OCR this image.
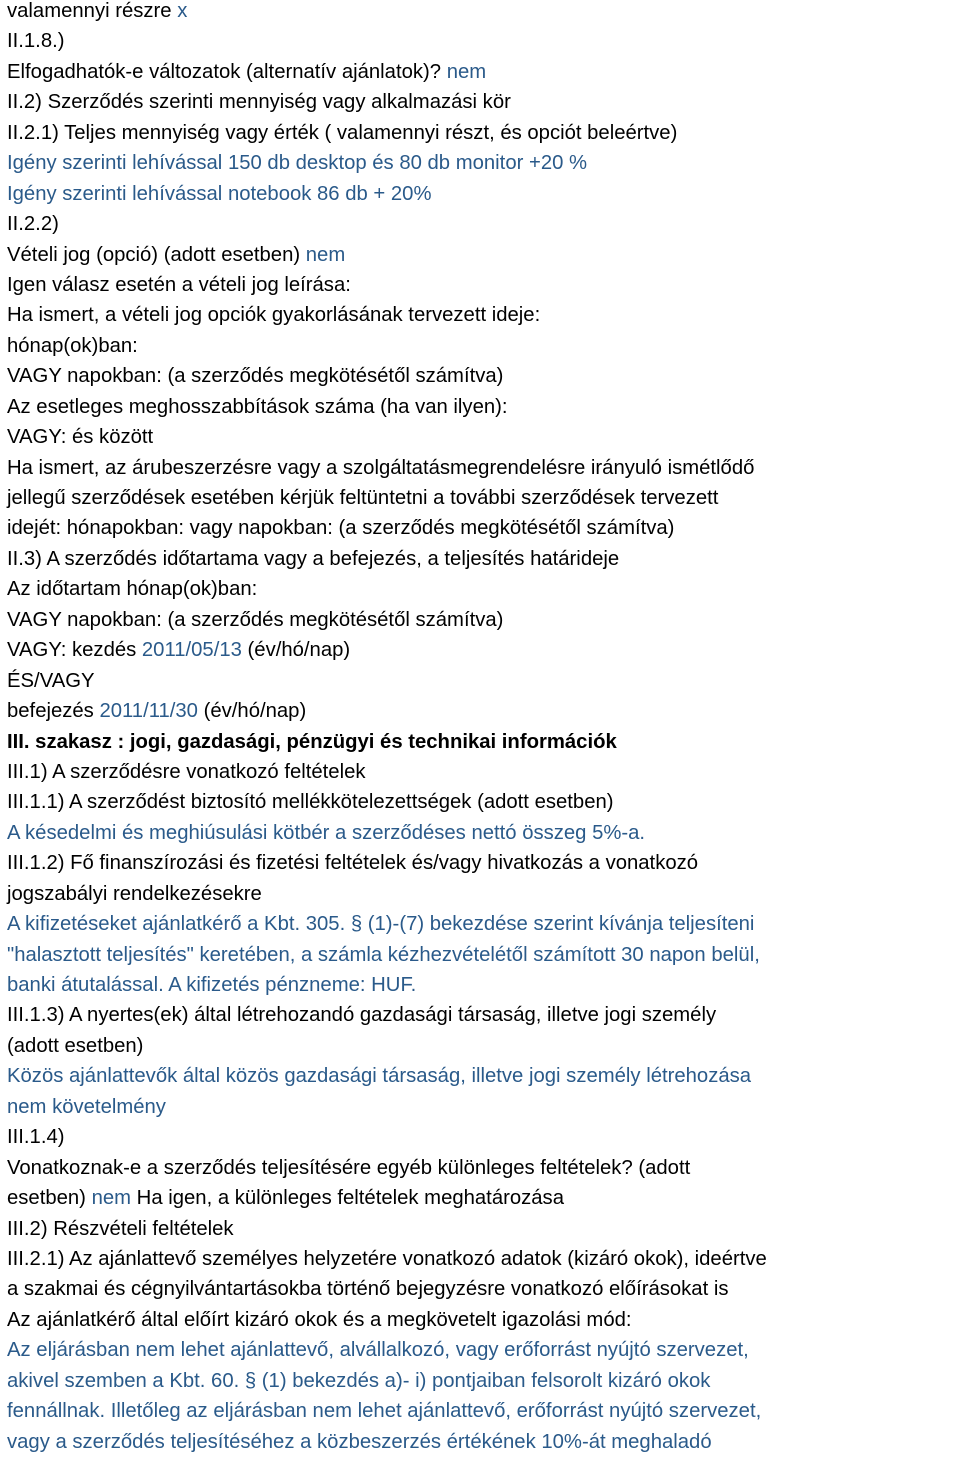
valamennyi részre x
II.1.8.)
Elfogadhatók-e változatok (alternatív ajánlatok)? nem
II.2) Szerződés szerinti mennyiség vagy alkalmazási kör
II.2.1) Teljes mennyiség vagy érték ( valamennyi részt, és opciót beleértve)
Igény szerinti lehívással 150 db desktop és 80 db monitor +20 %
Igény szerinti lehívással notebook 86 db + 20%
II.2.2)
Vételi jog (opció) (adott esetben) nem
Igen válasz esetén a vételi jog leírása:
Ha ismert, a vételi jog opciók gyakorlásának tervezett ideje:
hónap(ok)ban:
VAGY napokban: (a szerződés megkötésétől számítva)
Az esetleges meghosszabbítások száma (ha van ilyen):
VAGY: és között
Ha ismert, az árubeszerzésre vagy a szolgáltatásmegrendelésre irányuló ismétlődő
jellegű szerződések esetében kérjük feltüntetni a további szerződések tervezett
idejét: hónapokban: vagy napokban: (a szerződés megkötésétől számítva)
II.3) A szerződés időtartama vagy a befejezés, a teljesítés határideje
Az időtartam hónap(ok)ban:
VAGY napokban: (a szerződés megkötésétől számítva)
VAGY: kezdés 2011/05/13 (év/hó/nap)
ÉS/VAGY
befejezés 2011/11/30 (év/hó/nap)
III. szakasz : jogi, gazdasági, pénzügyi és technikai információk
III.1) A szerződésre vonatkozó feltételek
III.1.1) A szerződést biztosító mellékkötelezettségek (adott esetben)
A késedelmi és meghiúsulási kötbér a szerződéses nettó összeg 5%-a.
III.1.2) Fő finanszírozási és fizetési feltételek és/vagy hivatkozás a vonatkozó
jogszabályi rendelkezésekre
A kifizetéseket ajánlatkérő a Kbt. 305. § (1)-(7) bekezdése szerint kívánja teljesíteni
"halasztott teljesítés" keretében, a számla kézhezvételétől számított 30 napon belül,
banki átutalással. A kifizetés pénzneme: HUF.
III.1.3) A nyertes(ek) által létrehozandó gazdasági társaság, illetve jogi személy
(adott esetben)
Közös ajánlattevők által közös gazdasági társaság, illetve jogi személy létrehozása
nem követelmény
III.1.4)
Vonatkoznak-e a szerződés teljesítésére egyéb különleges feltételek? (adott
esetben) nem Ha igen, a különleges feltételek meghatározása
III.2) Részvételi feltételek
III.2.1) Az ajánlattevő személyes helyzetére vonatkozó adatok (kizáró okok), ideértve
a szakmai és cégnyilvántartásokba történő bejegyzésre vonatkozó előírásokat is
Az ajánlatkérő által előírt kizáró okok és a megkövetelt igazolási mód:
Az eljárásban nem lehet ajánlattevő, alvállalkozó, vagy erőforrást nyújtó szervezet,
akivel szemben a Kbt. 60. § (1) bekezdés a)- i) pontjaiban felsorolt kizáró okok
fennállnak. Illetőleg az eljárásban nem lehet ajánlattevő, erőforrást nyújtó szervezet,
vagy a szerződés teljesítéséhez a közbeszerzés értékének 10%-át meghaladó
